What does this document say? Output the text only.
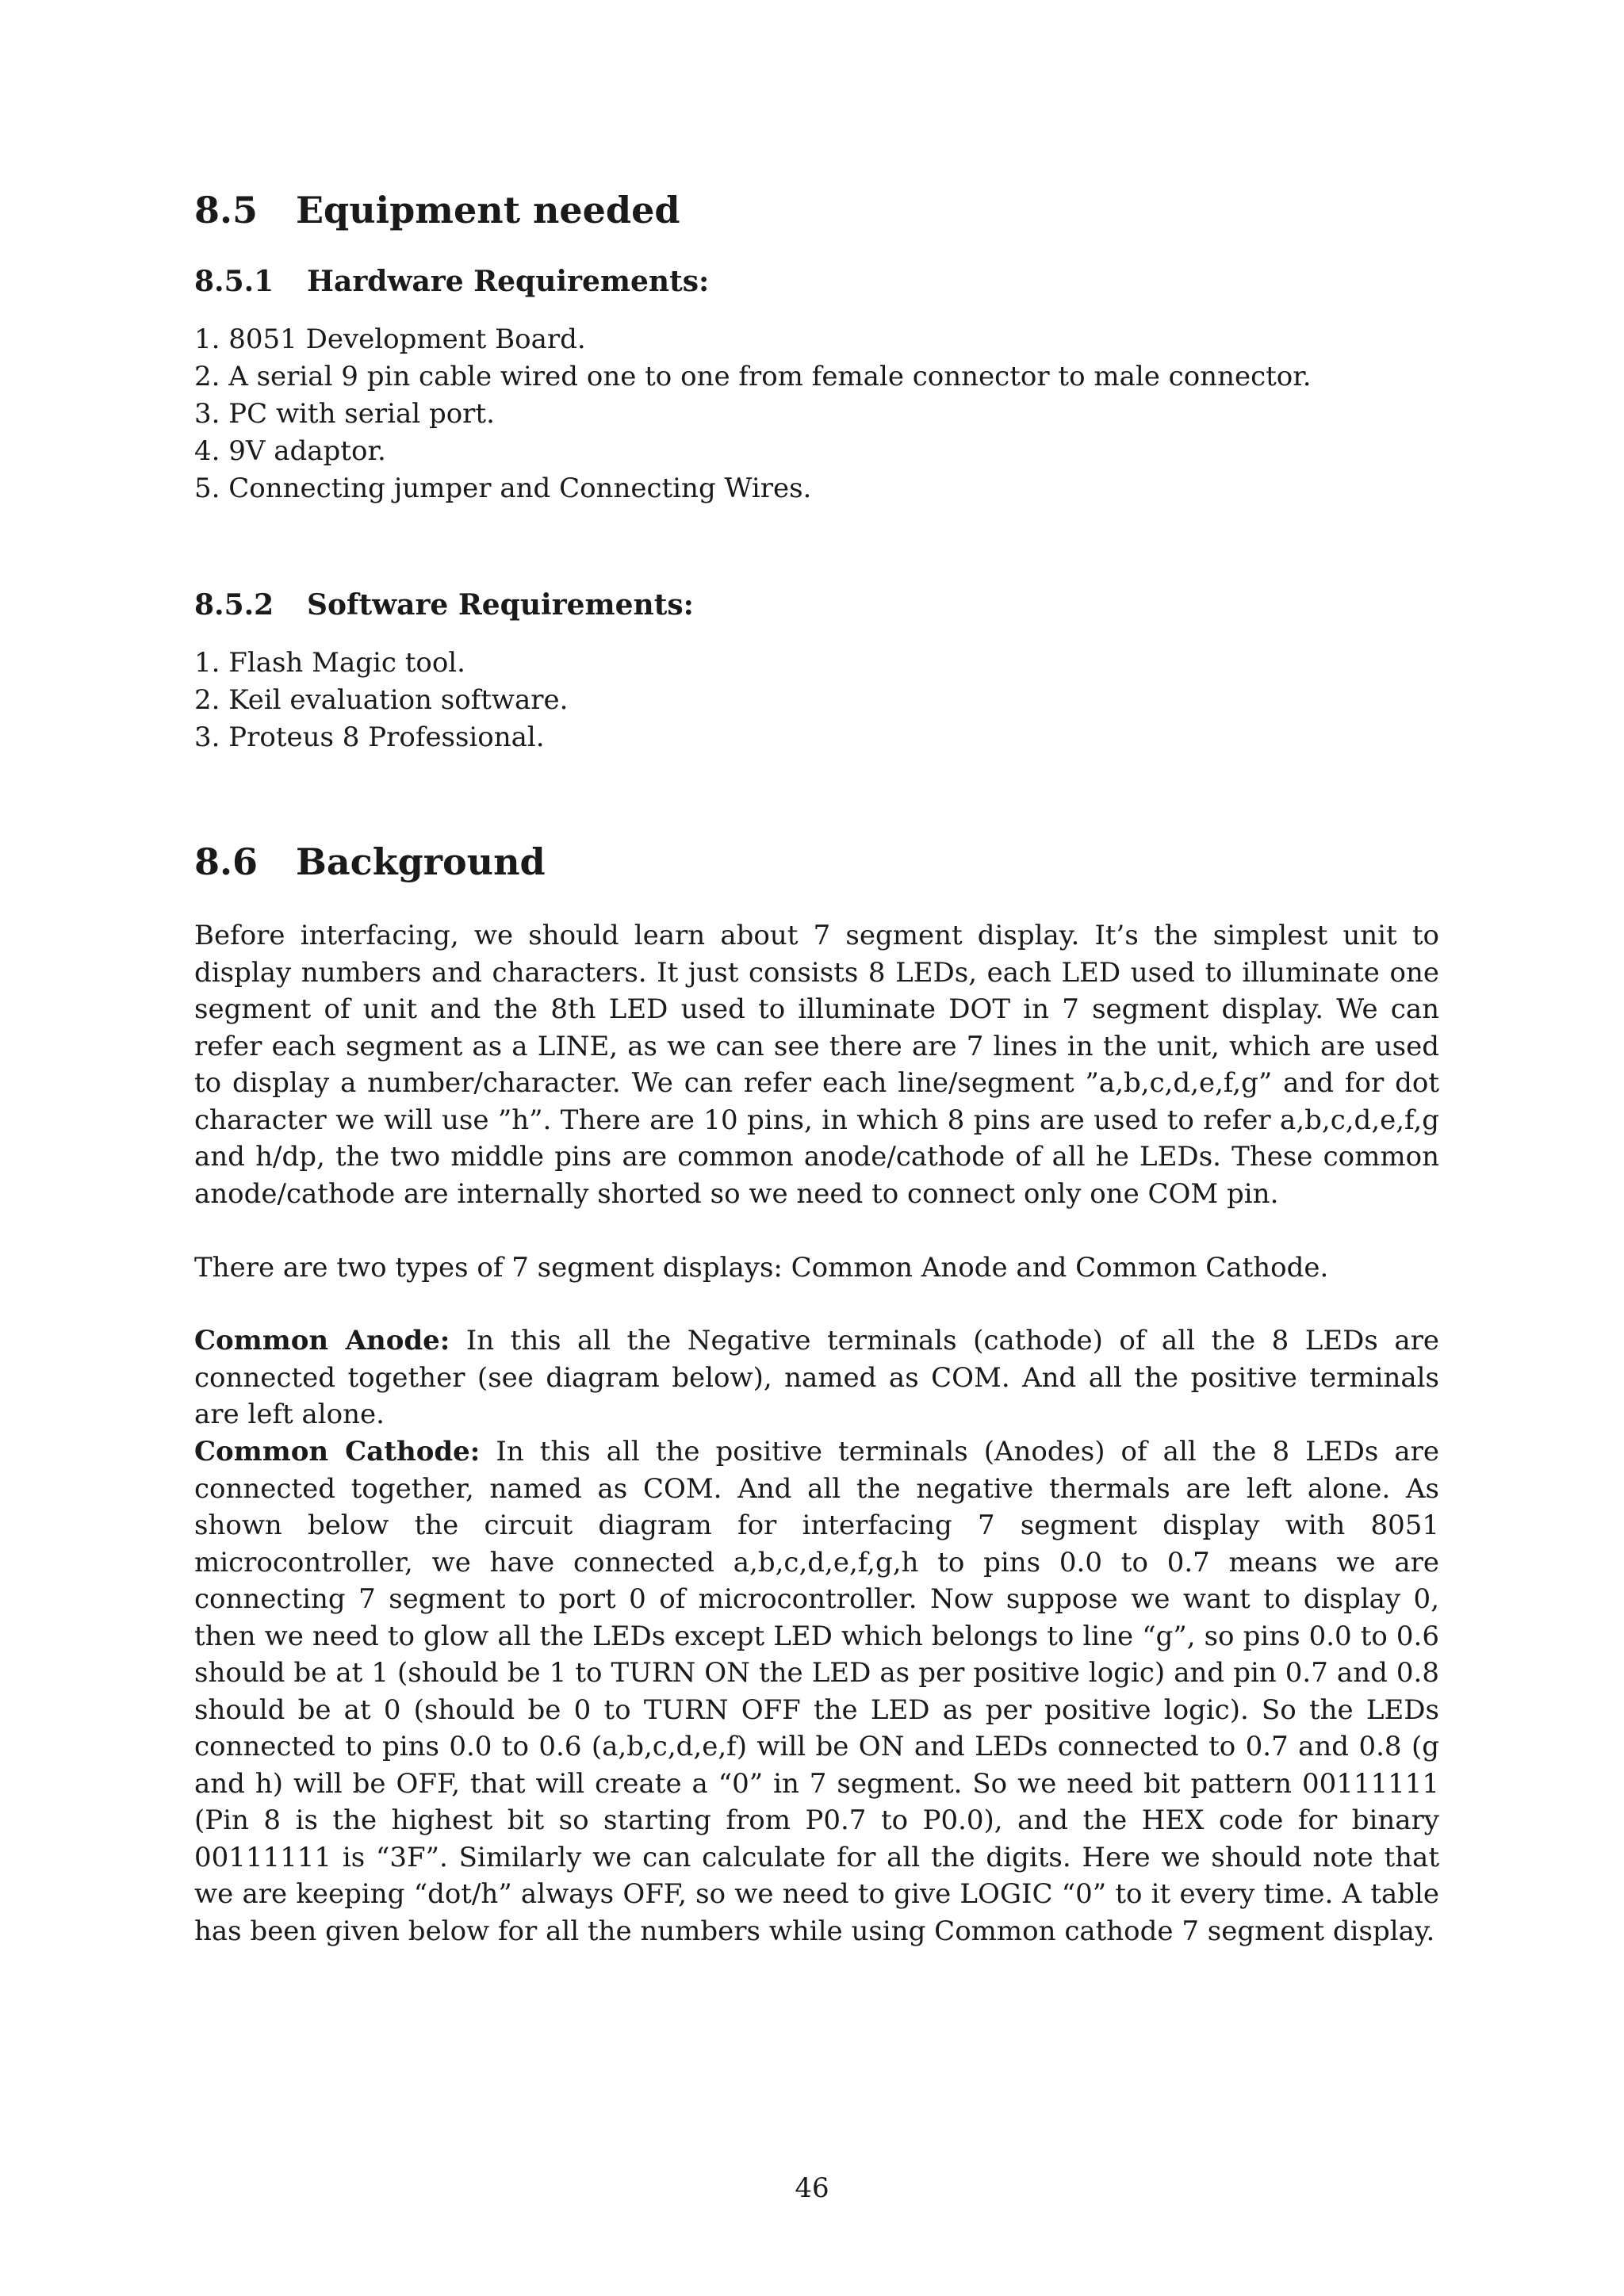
8.5 Equipment needed
8.5.1 Hardware Requirements:
1. 8051 Development Board.
2. A serial 9 pin cable wired one to one from female connector to male connector.
3. PC with serial port.
4. 9V adaptor.
5. Connecting jumper and Connecting Wires.
8.5.2 Software Requirements:
1. Flash Magic tool.
2. Keil evaluation software.
3. Proteus 8 Professional.
8.6 Background

Before interfacing, we should learn about 7 segment display. It’s the simplest unit to display numbers and characters. It just consists 8 LEDs, each LED used to illuminate one segment of unit and the 8th LED used to illuminate DOT in 7 segment display. We can refer each segment as a LINE, as we can see there are 7 lines in the unit, which are used to display a number/character. We can refer each line/segment ”a,b,c,d,e,f,g” and for dot character we will use ”h”. There are 10 pins, in which 8 pins are used to refer a,b,c,d,e,f,g and h/dp, the two middle pins are common anode/cathode of all he LEDs. These common anode/cathode are internally shorted so we need to connect only one COM pin.

There are two types of 7 segment displays: Common Anode and Common Cathode.

Common Anode: In this all the Negative terminals (cathode) of all the 8 LEDs are connected together (see diagram below), named as COM. And all the positive terminals are left alone.

Common Cathode: In this all the positive terminals (Anodes) of all the 8 LEDs are connected together, named as COM. And all the negative thermals are left alone. As shown below the circuit diagram for interfacing 7 segment display with 8051 microcontroller, we have connected a,b,c,d,e,f,g,h to pins 0.0 to 0.7 means we are connecting 7 segment to port 0 of microcontroller. Now suppose we want to display 0, then we need to glow all the LEDs except LED which belongs to line “g”, so pins 0.0 to 0.6 should be at 1 (should be 1 to TURN ON the LED as per positive logic) and pin 0.7 and 0.8 should be at 0 (should be 0 to TURN OFF the LED as per positive logic). So the LEDs connected to pins 0.0 to 0.6 (a,b,c,d,e,f) will be ON and LEDs connected to 0.7 and 0.8 (g and h) will be OFF, that will create a “0” in 7 segment. So we need bit pattern 00111111 (Pin 8 is the highest bit so starting from P0.7 to P0.0), and the HEX code for binary 00111111 is “3F”. Similarly we can calculate for all the digits. Here we should note that we are keeping “dot/h” always OFF, so we need to give LOGIC “0” to it every time. A table has been given below for all the numbers while using Common cathode 7 segment display.

46
